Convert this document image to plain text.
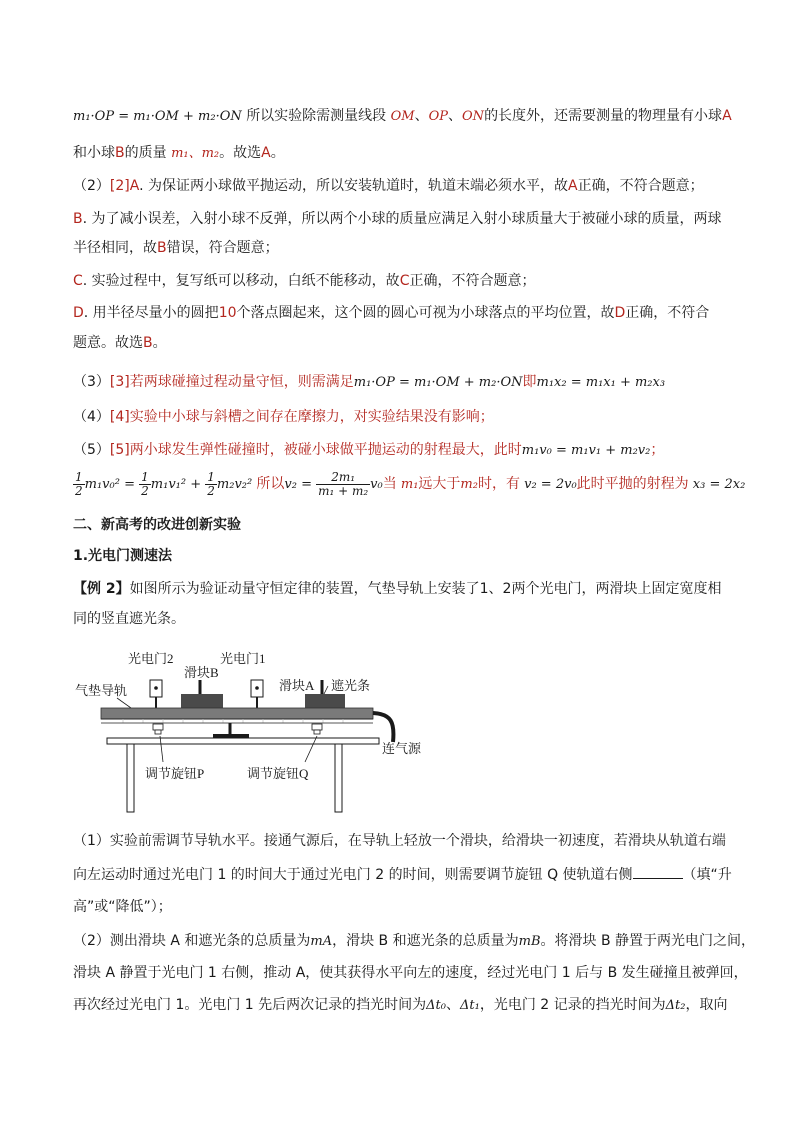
m₁·OP = m₁·OM + m₂·ON 所以实验除需测量线段 OM、OP、ON的长度外，还需要测量的物理量有小球A
和小球B的质量 m₁、m₂。故选A。
（2）[2]A. 为保证两小球做平抛运动，所以安装轨道时，轨道末端必须水平，故A正确，不符合题意；
B. 为了减小误差，入射小球不反弹，所以两个小球的质量应满足入射小球质量大于被碰小球的质量，两球
半径相同，故B错误，符合题意；
C. 实验过程中，复写纸可以移动，白纸不能移动，故C正确，不符合题意；
D. 用半径尽量小的圆把10个落点圈起来，这个圆的圆心可视为小球落点的平均位置，故D正确，不符合
题意。故选B。
（3）[3]若两球碰撞过程动量守恒，则需满足m₁·OP = m₁·OM + m₂·ON即m₁x₂ = m₁x₁ + m₂x₃
（4）[4]实验中小球与斜槽之间存在摩擦力，对实验结果没有影响；
（5）[5]两小球发生弹性碰撞时，被碰小球做平抛运动的射程最大，此时m₁v₀ = m₁v₁ + m₂v₂；
$\frac{1}{2} m_1v_0^2 = \frac{1}{2} m_1v_1^2 + \frac{1}{2} m_2v_2^2$ 所以$v_2 = \frac{\text{2m₁}}{\text{m₁ + m₂}} v_0$当 m₁远大于m₂时，有 v₂ = 2v₀此时平抛的射程为 x₃ = 2x₂
二、新高考的改进创新实验
1.光电门测速法
【例 2】如图所示为验证动量守恒定律的装置，气垫导轨上安装了1、2两个光电门，两滑块上固定宽度相
同的竖直遮光条。
光电门2	光电门1
滑块B
滑块A 遮光条
气垫导轨
连气源
调节旋钮P	调节旋钮Q
（1）实验前需调节导轨水平。接通气源后，在导轨上轻放一个滑块，给滑块一初速度，若滑块从轨道右端
向左运动时通过光电门 1 的时间大于通过光电门 2 的时间，则需要调节旋钮 Q 使轨道右侧	（填“升
高”或“降低”）；
（2）测出滑块 A 和遮光条的总质量为mA，滑块 B 和遮光条的总质量为mB。将滑块 B 静置于两光电门之间，
滑块 A 静置于光电门 1 右侧，推动 A，使其获得水平向左的速度，经过光电门 1 后与 B 发生碰撞且被弹回，
再次经过光电门 1。光电门 1 先后两次记录的挡光时间为Δt₀、Δt₁，光电门 2 记录的挡光时间为Δt₂，取向
